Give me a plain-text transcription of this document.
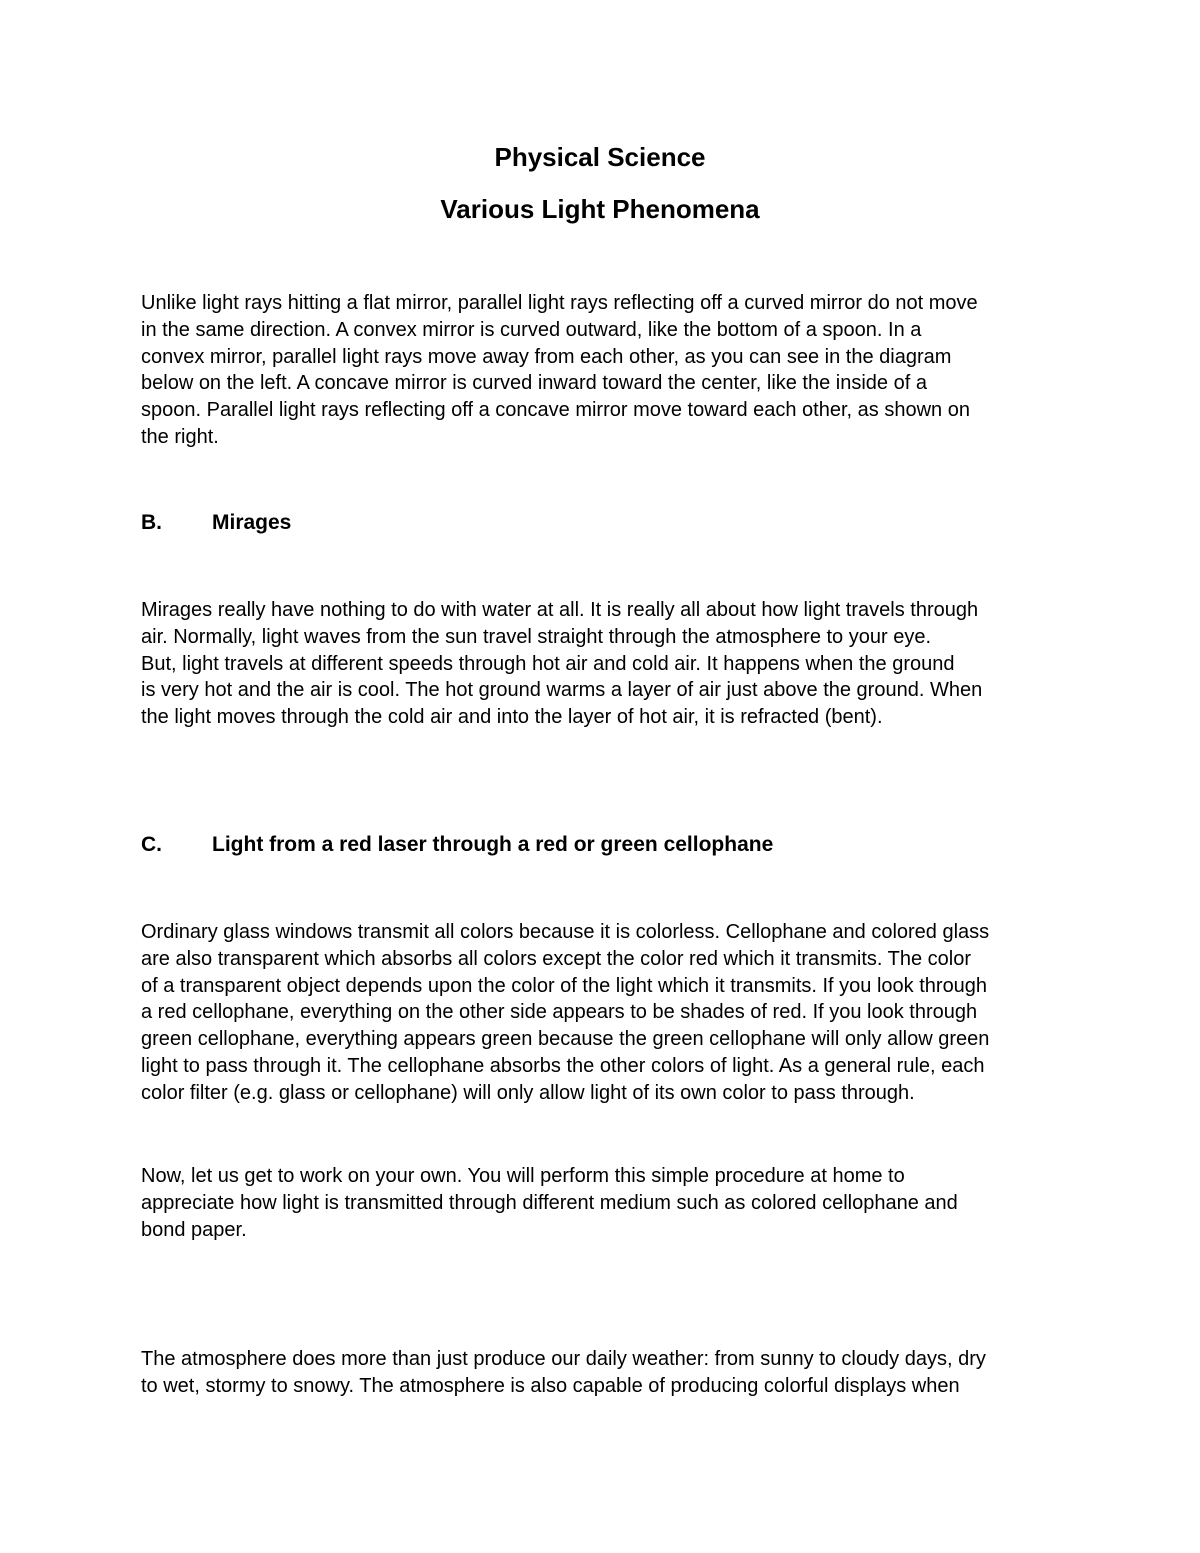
Physical Science
Various Light Phenomena

Unlike light rays hitting a flat mirror, parallel light rays reflecting off a curved mirror do not move
in the same direction. A convex mirror is curved outward, like the bottom of a spoon. In a
convex mirror, parallel light rays move away from each other, as you can see in the diagram
below on the left. A concave mirror is curved inward toward the center, like the inside of a
spoon. Parallel light rays reflecting off a concave mirror move toward each other, as shown on
the right.

B. Mirages

Mirages really have nothing to do with water at all. It is really all about how light travels through
air. Normally, light waves from the sun travel straight through the atmosphere to your eye.
But, light travels at different speeds through hot air and cold air. It happens when the ground
is very hot and the air is cool. The hot ground warms a layer of air just above the ground. When
the light moves through the cold air and into the layer of hot air, it is refracted (bent).

C. Light from a red laser through a red or green cellophane

Ordinary glass windows transmit all colors because it is colorless. Cellophane and colored glass
are also transparent which absorbs all colors except the color red which it transmits. The color
of a transparent object depends upon the color of the light which it transmits. If you look through
a red cellophane, everything on the other side appears to be shades of red. If you look through
green cellophane, everything appears green because the green cellophane will only allow green
light to pass through it. The cellophane absorbs the other colors of light. As a general rule, each
color filter (e.g. glass or cellophane) will only allow light of its own color to pass through.

Now, let us get to work on your own. You will perform this simple procedure at home to
appreciate how light is transmitted through different medium such as colored cellophane and
bond paper.

The atmosphere does more than just produce our daily weather: from sunny to cloudy days, dry
to wet, stormy to snowy. The atmosphere is also capable of producing colorful displays when
